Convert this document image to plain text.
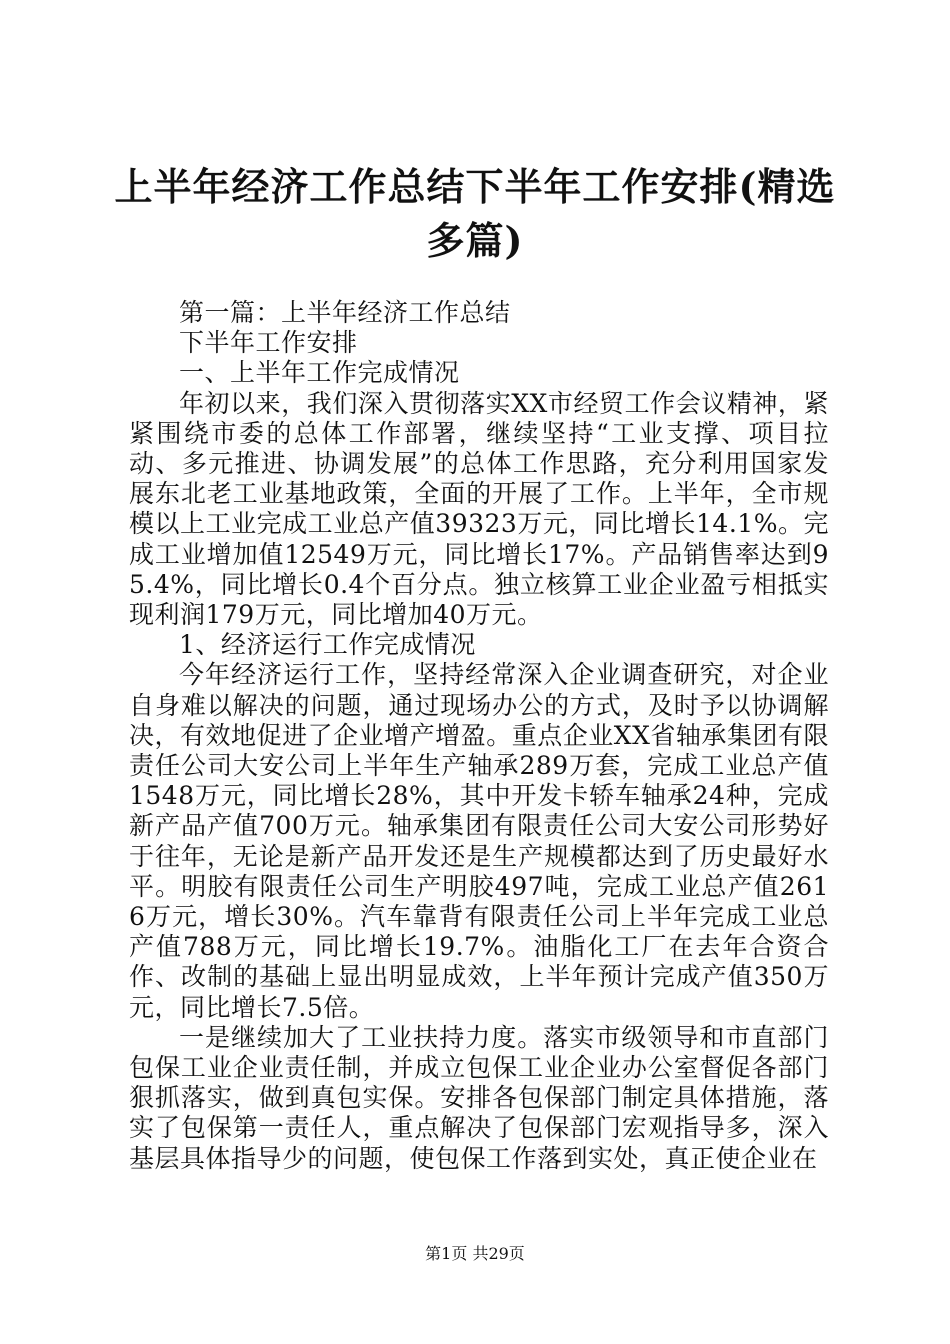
上半年经济工作总结下半年工作安排(精选多篇)

第一篇：上半年经济工作总结

下半年工作安排

一、上半年工作完成情况

年初以来，我们深入贯彻落实XX市经贸工作会议精神，紧紧围绕市委的总体工作部署，继续坚持“工业支撑、项目拉动、多元推进、协调发展”的总体工作思路，充分利用国家发展东北老工业基地政策，全面的开展了工作。上半年，全市规模以上工业完成工业总产值39323万元，同比增长14.1%。完成工业增加值12549万元，同比增长17%。产品销售率达到95.4%，同比增长0.4个百分点。独立核算工业企业盈亏相抵实现利润179万元，同比增加40万元。

1、经济运行工作完成情况

今年经济运行工作，坚持经常深入企业调查研究，对企业自身难以解决的问题，通过现场办公的方式，及时予以协调解决，有效地促进了企业增产增盈。重点企业XX省轴承集团有限责任公司大安公司上半年生产轴承289万套，完成工业总产值1548万元，同比增长28%，其中开发卡轿车轴承24种，完成新产品产值700万元。轴承集团有限责任公司大安公司形势好于往年，无论是新产品开发还是生产规模都达到了历史最好水平。明胶有限责任公司生产明胶497吨，完成工业总产值2616万元，增长30%。汽车靠背有限责任公司上半年完成工业总产值788万元，同比增长19.7%。油脂化工厂在去年合资合作、改制的基础上显出明显成效，上半年预计完成产值350万元，同比增长7.5倍。

一是继续加大了工业扶持力度。落实市级领导和市直部门包保工业企业责任制，并成立包保工业企业办公室督促各部门狠抓落实，做到真包实保。安排各包保部门制定具体措施，落实了包保第一责任人，重点解决了包保部门宏观指导多，深入基层具体指导少的问题，使包保工作落到实处，真正使企业在

第1页 共29页
